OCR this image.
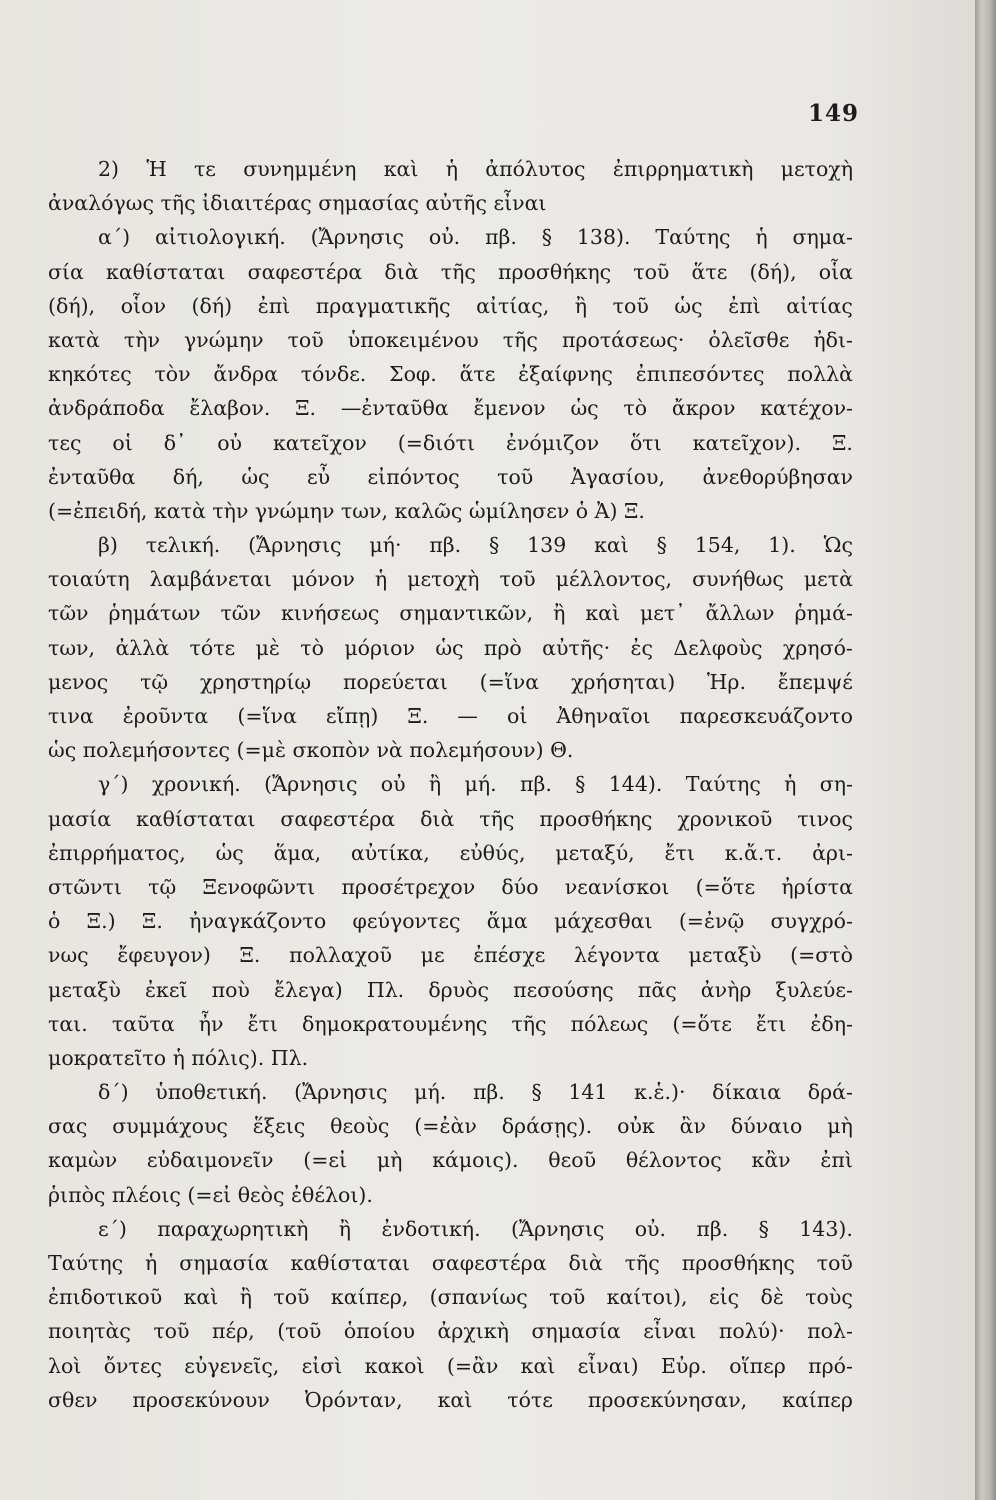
149
2) Ἡ τε συνημμένη καὶ ἡ ἀπόλυτος ἐπιρρηματικὴ μετοχὴ
ἀναλόγως τῆς ἰδιαιτέρας σημασίας αὐτῆς εἶναι
α΄) αἰτιολογική. (Ἄρνησις οὐ. πβ. § 138). Ταύτης ἡ σημα-
σία καθίσταται σαφεστέρα διὰ τῆς προσθήκης τοῦ ἅτε (δή), οἷα
(δή), οἷον (δή) ἐπὶ πραγματικῆς αἰτίας, ἢ τοῦ ὡς ἐπὶ αἰτίας
κατὰ τὴν γνώμην τοῦ ὑποκειμένου τῆς προτάσεως· ὀλεῖσθε ἠδι-
κηκότες τὸν ἄνδρα τόνδε. Σοφ. ἅτε ἐξαίφνης ἐπιπεσόντες πολλὰ
ἀνδράποδα ἔλαβον. Ξ. —ἐνταῦθα ἔμενον ὡς τὸ ἄκρον κατέχον-
τες οἱ δ᾽ οὐ κατεῖχον (=διότι ἐνόμιζον ὅτι κατεῖχον). Ξ.
ἐνταῦθα δή, ὡς εὖ εἰπόντος τοῦ Ἀγασίου, ἀνεθορύβησαν
(=ἐπειδή, κατὰ τὴν γνώμην των, καλῶς ὡμίλησεν ὁ Ἀ) Ξ.
β) τελική. (Ἄρνησις μή· πβ. § 139 καὶ § 154, 1). Ὡς
τοιαύτη λαμβάνεται μόνον ἡ μετοχὴ τοῦ μέλλοντος, συνήθως μετὰ
τῶν ῥημάτων τῶν κινήσεως σημαντικῶν, ἢ καὶ μετ᾽ ἄλλων ῥημά-
των, ἀλλὰ τότε μὲ τὸ μόριον ὡς πρὸ αὐτῆς· ἐς Δελφοὺς χρησό-
μενος τῷ χρηστηρίῳ πορεύεται (=ἵνα χρήσηται) Ἡρ. ἔπεμψέ
τινα ἐροῦντα (=ἵνα εἴπῃ) Ξ. — οἱ Ἀθηναῖοι παρεσκευάζοντο
ὡς πολεμήσοντες (=μὲ σκοπὸν νὰ πολεμήσουν) Θ.
γ΄) χρονική. (Ἄρνησις οὐ ἢ μή. πβ. § 144). Ταύτης ἡ ση-
μασία καθίσταται σαφεστέρα διὰ τῆς προσθήκης χρονικοῦ τινος
ἐπιρρήματος, ὡς ἅμα, αὐτίκα, εὐθύς, μεταξύ, ἔτι κ.ἄ.τ. ἀρι-
στῶντι τῷ Ξενοφῶντι προσέτρεχον δύο νεανίσκοι (=ὅτε ἠρίστα
ὁ Ξ.) Ξ. ἠναγκάζοντο φεύγοντες ἅμα μάχεσθαι (=ἐνῷ συγχρό-
νως ἔφευγον) Ξ. πολλαχοῦ με ἐπέσχε λέγοντα μεταξὺ (=στὸ
μεταξὺ ἐκεῖ ποὺ ἔλεγα) Πλ. δρυὸς πεσούσης πᾶς ἀνὴρ ξυλεύε-
ται. ταῦτα ἦν ἔτι δημοκρατουμένης τῆς πόλεως (=ὅτε ἔτι ἐδη-
μοκρατεῖτο ἡ πόλις). Πλ.
δ΄) ὑποθετική. (Ἄρνησις μή. πβ. § 141 κ.ἑ.)· δίκαια δρά-
σας συμμάχους ἕξεις θεοὺς (=ἐὰν δράσῃς). οὐκ ἂν δύναιο μὴ
καμὼν εὐδαιμονεῖν (=εἰ μὴ κάμοις). θεοῦ θέλοντος κἂν ἐπὶ
ῥιπὸς πλέοις (=εἰ θεὸς ἐθέλοι).
ε΄) παραχωρητικὴ ἢ ἐνδοτική. (Ἄρνησις οὐ. πβ. § 143).
Ταύτης ἡ σημασία καθίσταται σαφεστέρα διὰ τῆς προσθήκης τοῦ
ἐπιδοτικοῦ καὶ ἢ τοῦ καίπερ, (σπανίως τοῦ καίτοι), εἰς δὲ τοὺς
ποιητὰς τοῦ πέρ, (τοῦ ὁποίου ἀρχικὴ σημασία εἶναι πολύ)· πολ-
λοὶ ὄντες εὐγενεῖς, εἰσὶ κακοὶ (=ἂν καὶ εἶναι) Εὐρ. οἵπερ πρό-
σθεν προσεκύνουν Ὀρόνταν, καὶ τότε προσεκύνησαν, καίπερ
